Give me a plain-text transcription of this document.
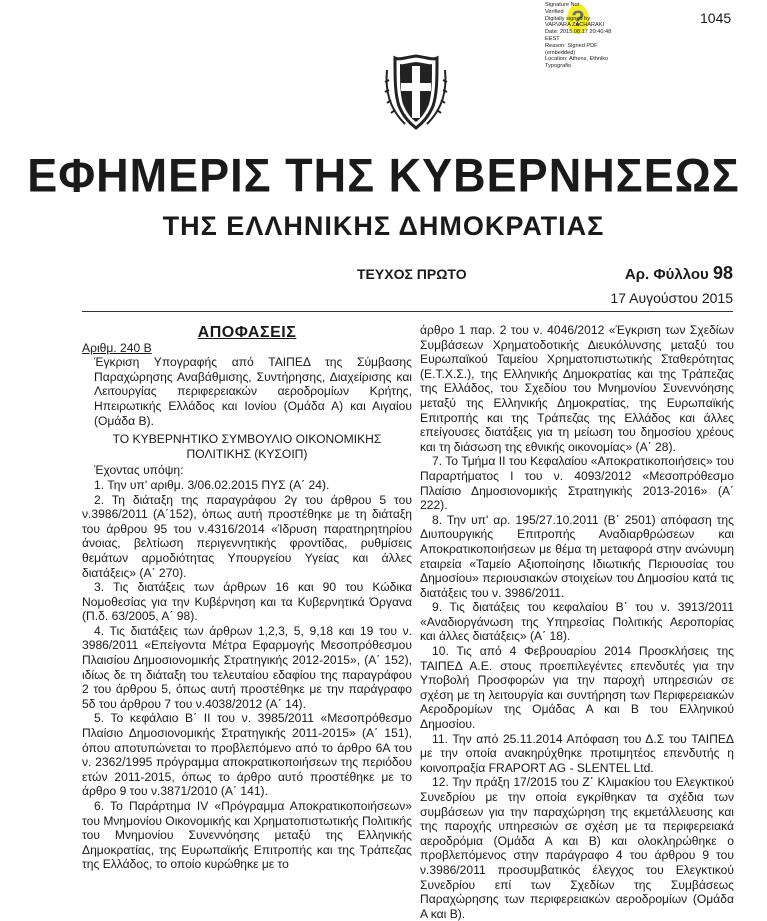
1045
?
Signature Not
Verified
Digitally signed by
VARVARA ZACHARAKI
Date: 2015.08.17 20:40:48
EEST
Reason: Signed PDF
(embedded)
Location: Athens, Ethniko
Typografio
ΕΦΗΜΕΡΙΣ ΤΗΣ ΚΥΒΕΡΝΗΣΕΩΣ
ΤΗΣ ΕΛΛΗΝΙΚΗΣ ΔΗΜΟΚΡΑΤΙΑΣ
ΤΕΥΧΟΣ ΠΡΩΤΟ	Αρ. Φύλλου 98
17 Αυγούστου 2015

ΑΠΟΦΑΣΕΙΣ

Αριθμ. 240 Β

Έγκριση Υπογραφής από ΤΑΙΠΕΔ της Σύμβασης Παραχώρησης Αναβάθμισης, Συντήρησης, Διαχείρισης και Λειτουργίας περιφερειακών αεροδρομίων Κρήτης, Ηπειρωτικής Ελλάδος και Ιονίου (Ομάδα Α) και Αιγαίου (Ομάδα Β).

ΤΟ ΚΥΒΕΡΝΗΤΙΚΟ ΣΥΜΒΟΥΛΙΟ ΟΙΚΟΝΟΜΙΚΗΣ

ΠΟΛΙΤΙΚΗΣ (ΚΥΣΟΙΠ)

Έχοντας υπόψη:

1. Την υπ' αριθμ. 3/06.02.2015 ΠΥΣ (Α΄ 24).

2. Τη διάταξη της παραγράφου 2γ του άρθρου 5 του ν.3986/2011 (Α΄152), όπως αυτή προστέθηκε με τη διάταξη του άρθρου 95 του ν.4316/2014 «Ίδρυση παρατηρητηρίου άνοιας, βελτίωση περιγεννητικής φροντίδας, ρυθμίσεις θεμάτων αρμοδιότητας Υπουργείου Υγείας και άλλες διατάξεις» (Α΄ 270).

3. Τις διατάξεις των άρθρων 16 και 90 του Κώδικα Νομοθεσίας για την Κυβέρνηση και τα Κυβερνητικά Όργανα (Π.δ. 63/2005, Α΄ 98).

4. Τις διατάξεις των άρθρων 1,2,3, 5, 9,18 και 19 του ν. 3986/2011 «Επείγοντα Μέτρα Εφαρμογής Μεσοπρόθεσμου Πλαισίου Δημοσιονομικής Στρατηγικής 2012-2015», (Α΄ 152), ιδίως δε τη διάταξη του τελευταίου εδαφίου της παραγράφου 2 του άρθρου 5, όπως αυτή προστέθηκε με την παράγραφο 5δ του άρθρου 7 του ν.4038/2012 (Α΄ 14).

5. Το κεφάλαιο Β΄ ΙΙ του ν. 3985/2011 «Μεσοπρόθεσμο Πλαίσιο Δημοσιονομικής Στρατηγικής 2011-2015» (Α΄ 151), όπου αποτυπώνεται το προβλεπόμενο από το άρθρο 6Α του ν. 2362/1995 πρόγραμμα αποκρατικοποιήσεων της περιόδου ετών 2011-2015, όπως το άρθρο αυτό προστέθηκε με το άρθρο 9 του ν.3871/2010 (Α΄ 141).

6. Το Παράρτημα IV «Πρόγραμμα Αποκρατικοποιήσεων» του Μνημονίου Οικονομικής και Χρηματοπιστωτικής Πολιτικής του Μνημονίου Συνεννόησης μεταξύ της Ελληνικής Δημοκρατίας, της Ευρωπαϊκής Επιτροπής και της Τράπεζας της Ελλάδος, το οποίο κυρώθηκε με το

άρθρο 1 παρ. 2 του ν. 4046/2012 «Έγκριση των Σχεδίων Συμβάσεων Χρηματοδοτικής Διευκόλυνσης μεταξύ του Ευρωπαϊκού Ταμείου Χρηματοπιστωτικής Σταθερότητας (Ε.Τ.Χ.Σ.), της Ελληνικής Δημοκρατίας και της Τράπεζας της Ελλάδος, του Σχεδίου του Μνημονίου Συνεννόησης μεταξύ της Ελληνικής Δημοκρατίας, της Ευρωπαϊκής Επιτροπής και της Τράπεζας της Ελλάδος και άλλες επείγουσες διατάξεις για τη μείωση του δημοσίου χρέους και τη διάσωση της εθνικής οικονομίας» (Α΄ 28).

7. Το Τμήμα ΙΙ του Κεφαλαίου «Αποκρατικοποιήσεις» του Παραρτήματος Ι του ν. 4093/2012 «Μεσοπρόθεσμο Πλαίσιο Δημοσιονομικής Στρατηγικής 2013-2016» (Α΄ 222).

8. Την υπ' αρ. 195/27.10.2011 (Β΄ 2501) απόφαση της Διυπουργικής Επιτροπής Αναδιαρθρώσεων και Αποκρατικοποιήσεων με θέμα τη μεταφορά στην ανώνυμη εταιρεία «Ταμείο Αξιοποίησης Ιδιωτικής Περιουσίας του Δημοσίου» περιουσιακών στοιχείων του Δημοσίου κατά τις διατάξεις του ν. 3986/2011.

9. Τις διατάξεις του κεφαλαίου Β΄ του ν. 3913/2011 «Αναδιοργάνωση της Υπηρεσίας Πολιτικής Αεροπορίας και άλλες διατάξεις» (Α΄ 18).

10. Τις από 4 Φεβρουαρίου 2014 Προσκλήσεις της ΤΑΙΠΕΔ Α.Ε. στους προεπιλεγέντες επενδυτές για την Υποβολή Προσφορών για την παροχή υπηρεσιών σε σχέση με τη λειτουργία και συντήρηση των Περιφερειακών Αεροδρομίων της Ομάδας Α και Β του Ελληνικού Δημοσίου.

11. Την από 25.11.2014 Απόφαση του Δ.Σ του ΤΑΙΠΕΔ με την οποία ανακηρύχθηκε προτιμητέος επενδυτής η κοινοπραξία FRAPORT AG - SLENTEL Ltd.

12. Την πράξη 17/2015 του Ζ΄ Κλιμακίου του Ελεγκτικού Συνεδρίου με την οποία εγκρίθηκαν τα σχέδια των συμβάσεων για την παραχώρηση της εκμετάλλευσης και της παροχής υπηρεσιών σε σχέση με τα περιφερειακά αεροδρόμια (Ομάδα Α και Β) και ολοκληρώθηκε ο προβλεπόμενος στην παράγραφο 4 του άρθρου 9 του ν.3986/2011 προσυμβατικός έλεγχος του Ελεγκτικού Συνεδρίου επί των Σχεδίων της Συμβάσεως Παραχώρησης των περιφερειακών αεροδρομίων (Ομάδα Α και Β).
